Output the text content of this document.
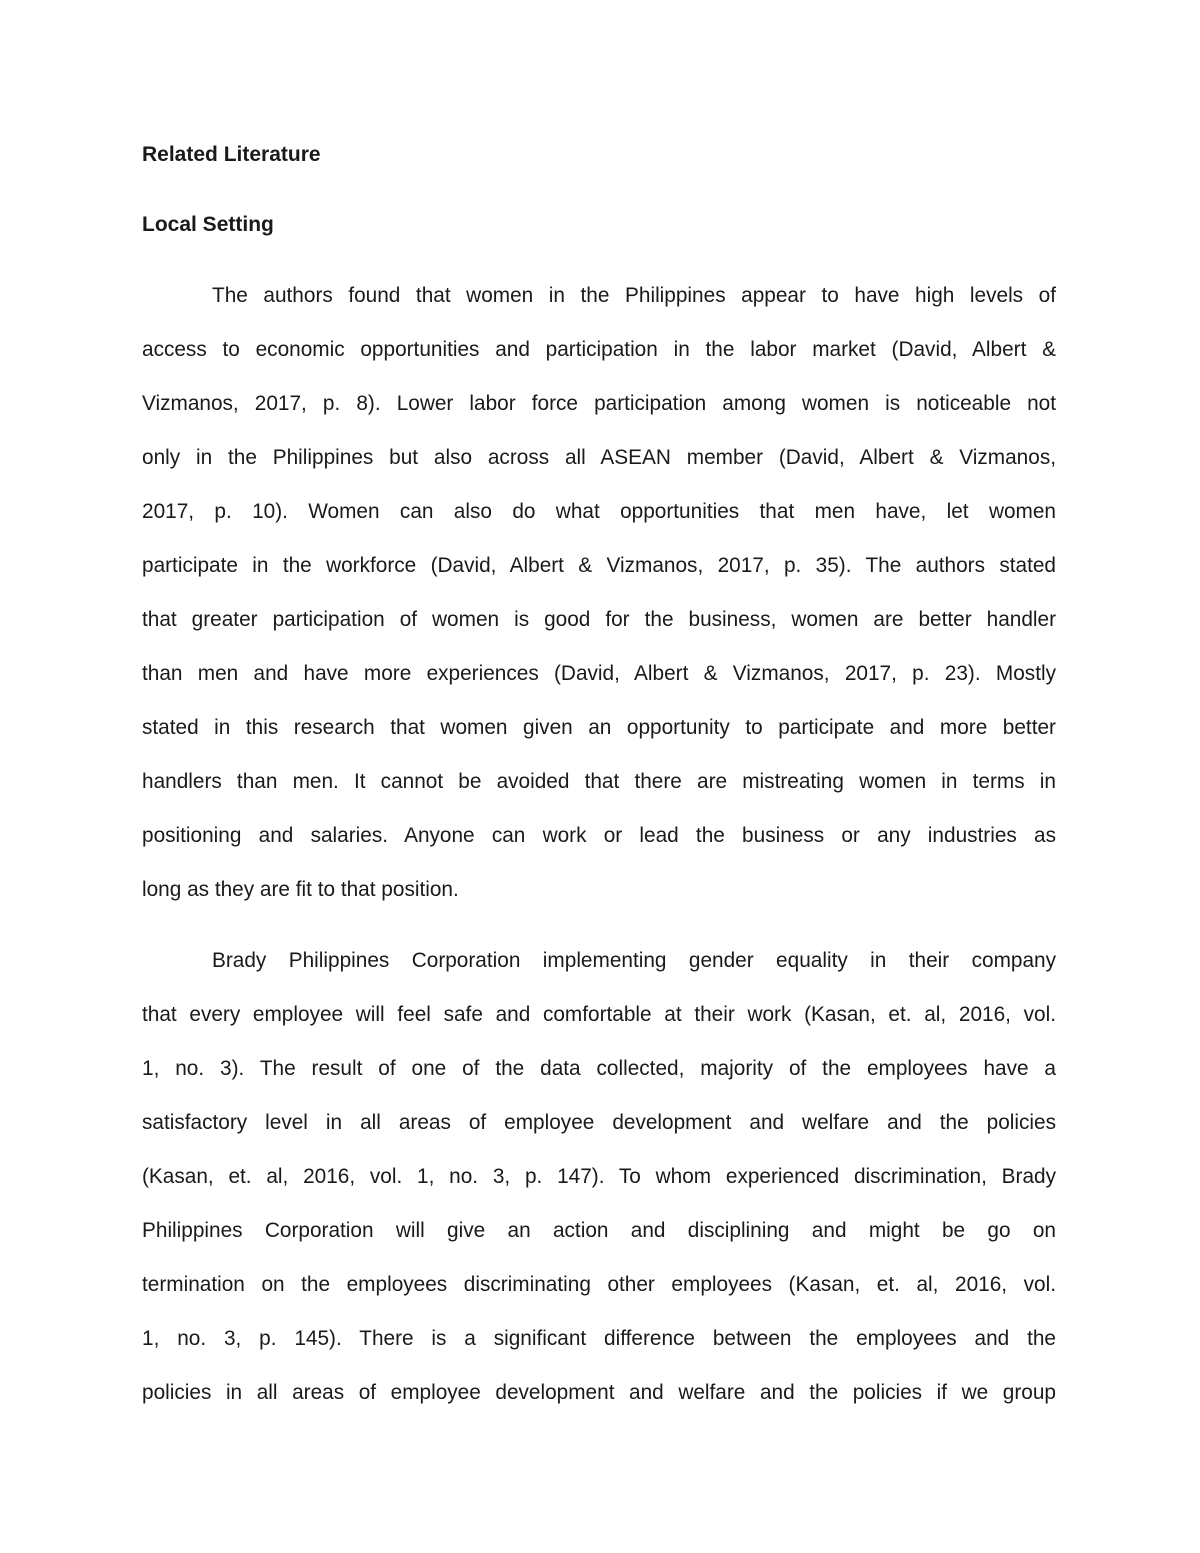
Related Literature
Local Setting
The authors found that women in the Philippines appear to have high levels of
access to economic opportunities and participation in the labor market (David, Albert &
Vizmanos, 2017, p. 8). Lower labor force participation among women is noticeable not
only in the Philippines but also across all ASEAN member (David, Albert & Vizmanos,
2017, p. 10). Women can also do what opportunities that men have, let women
participate in the workforce (David, Albert & Vizmanos, 2017, p. 35). The authors stated
that greater participation of women is good for the business, women are better handler
than men and have more experiences (David, Albert & Vizmanos, 2017, p. 23). Mostly
stated in this research that women given an opportunity to participate and more better
handlers than men. It cannot be avoided that there are mistreating women in terms in
positioning and salaries. Anyone can work or lead the business or any industries as
long as they are fit to that position.
Brady Philippines Corporation implementing gender equality in their company
that every employee will feel safe and comfortable at their work (Kasan, et. al, 2016, vol.
1, no. 3). The result of one of the data collected, majority of the employees have a
satisfactory level in all areas of employee development and welfare and the policies
(Kasan, et. al, 2016, vol. 1, no. 3, p. 147). To whom experienced discrimination, Brady
Philippines Corporation will give an action and disciplining and might be go on
termination on the employees discriminating other employees (Kasan, et. al, 2016, vol.
1, no. 3, p. 145). There is a significant difference between the employees and the
policies in all areas of employee development and welfare and the policies if we group
